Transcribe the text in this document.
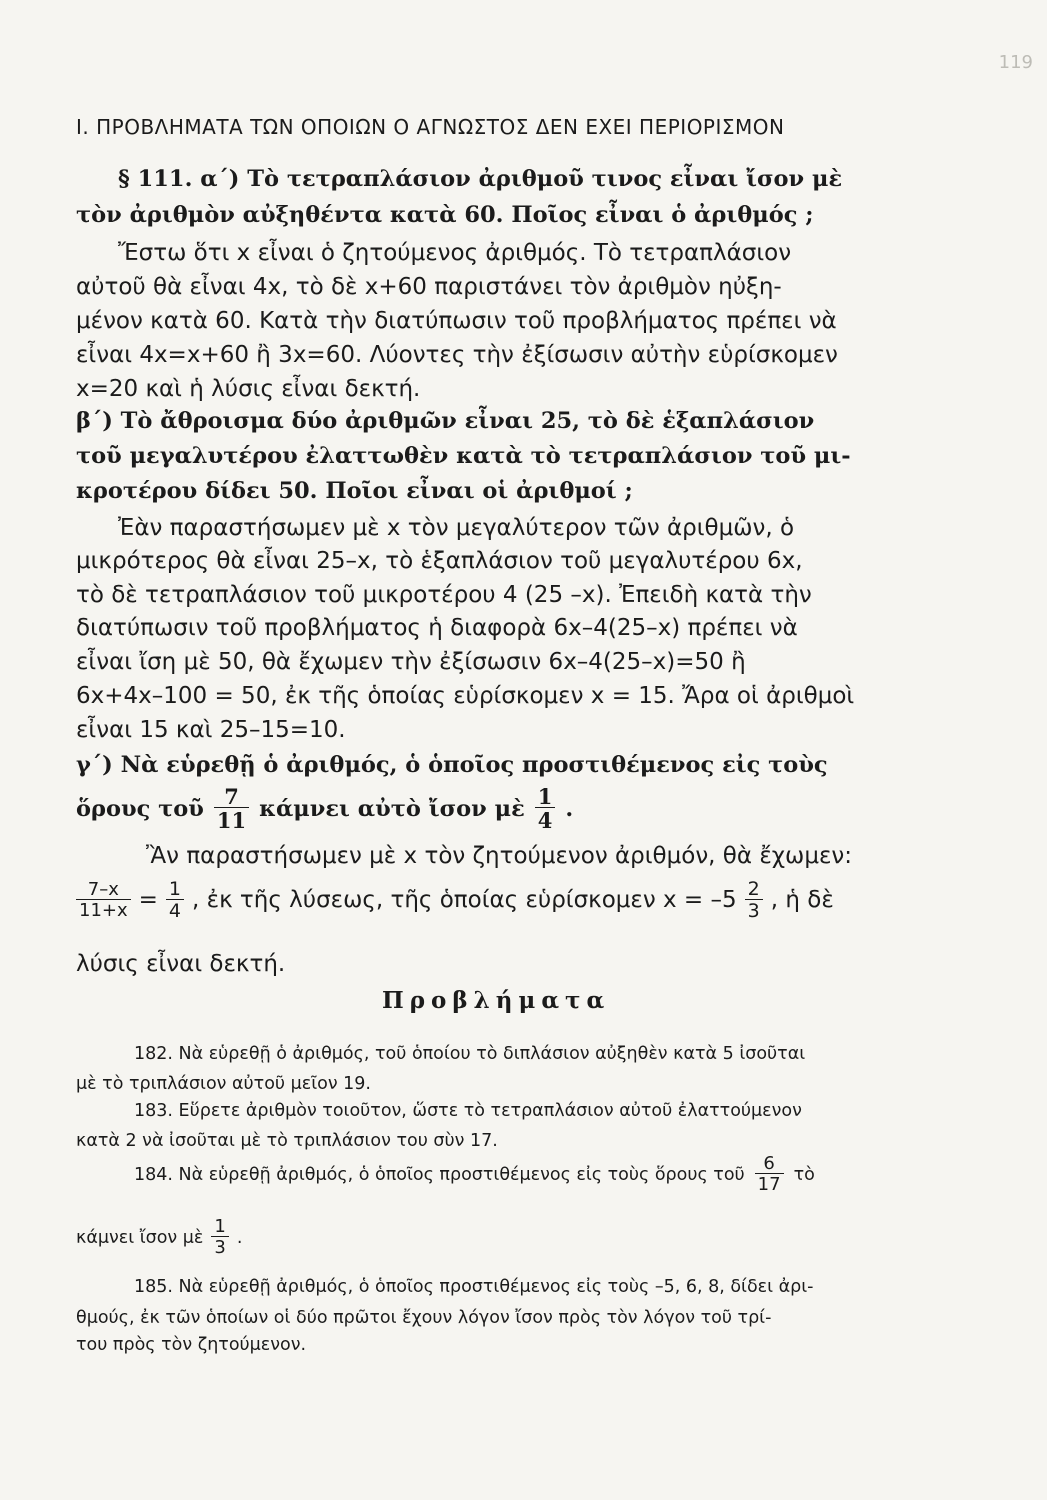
119
Ι. ΠΡΟΒΛΗΜΑΤΑ ΤΩΝ ΟΠΟΙΩΝ Ο ΑΓΝΩΣΤΟΣ ΔΕΝ ΕΧΕΙ ΠΕΡΙΟΡΙΣΜΟΝ
§ 111. α΄) Τὸ τετραπλάσιον ἀριθμοῦ τινος εἶναι ἴσον μὲ
τὸν ἀριθμὸν αὐξηθέντα κατὰ 60. Ποῖος εἶναι ὁ ἀριθμός ;
Ἔστω ὅτι x εἶναι ὁ ζητούμενος ἀριθμός. Τὸ τετραπλάσιον
αὐτοῦ θὰ εἶναι 4x, τὸ δὲ x+60 παριστάνει τὸν ἀριθμὸν ηὐξη-
μένον κατὰ 60. Κατὰ τὴν διατύπωσιν τοῦ προβλήματος πρέπει νὰ
εἶναι 4x=x+60 ἢ 3x=60. Λύοντες τὴν ἐξίσωσιν αὐτὴν εὑρίσκομεν
x=20 καὶ ἡ λύσις εἶναι δεκτή.
β΄) Τὸ ἄθροισμα δύο ἀριθμῶν εἶναι 25, τὸ δὲ ἑξαπλάσιον
τοῦ μεγαλυτέρου ἐλαττωθὲν κατὰ τὸ τετραπλάσιον τοῦ μι-
κροτέρου δίδει 50. Ποῖοι εἶναι οἱ ἀριθμοί ;
Ἐὰν παραστήσωμεν μὲ x τὸν μεγαλύτερον τῶν ἀριθμῶν, ὁ
μικρότερος θὰ εἶναι 25–x, τὸ ἑξαπλάσιον τοῦ μεγαλυτέρου 6x,
τὸ δὲ τετραπλάσιον τοῦ μικροτέρου 4 (25 –x). Ἐπειδὴ κατὰ τὴν
διατύπωσιν τοῦ προβλήματος ἡ διαφορὰ 6x–4(25–x) πρέπει νὰ
εἶναι ἴση μὲ 50, θὰ ἔχωμεν τὴν ἐξίσωσιν 6x–4(25–x)=50 ἢ
6x+4x–100 = 50, ἐκ τῆς ὁποίας εὑρίσκομεν x = 15. Ἄρα οἱ ἀριθμοὶ
εἶναι 15 καὶ 25–15=10.
γ΄) Νὰ εὑρεθῇ ὁ ἀριθμός, ὁ ὁποῖος προστιθέμενος εἰς τοὺς
ὅρους τοῦ $\frac{7}{11}$ κάμνει αὐτὸ ἴσον μὲ $\frac{1}{4}$ .
Ἂν παραστήσωμεν μὲ x τὸν ζητούμενον ἀριθμόν, θὰ ἔχωμεν:
$\frac{7-x}{11+x} = \frac{1}{4}$ , ἐκ τῆς λύσεως, τῆς ὁποίας εὑρίσκομεν $x = -5 \frac{2}{3}$ , ἡ δὲ
λύσις εἶναι δεκτή.
Προβλήματα
182. Νὰ εὑρεθῇ ὁ ἀριθμός, τοῦ ὁποίου τὸ διπλάσιον αὐξηθὲν κατὰ 5 ἰσοῦται
μὲ τὸ τριπλάσιον αὐτοῦ μεῖον 19.
183. Εὕρετε ἀριθμὸν τοιοῦτον, ὥστε τὸ τετραπλάσιον αὐτοῦ ἐλαττούμενον
κατὰ 2 νὰ ἰσοῦται μὲ τὸ τριπλάσιον του σὺν 17.
184. Νὰ εὑρεθῇ ἀριθμός, ὁ ὁποῖος προστιθέμενος εἰς τοὺς ὅρους τοῦ $\frac{6}{17}$ τὸ
κάμνει ἴσον μὲ $\frac{1}{3}$ .
185. Νὰ εὑρεθῇ ἀριθμός, ὁ ὁποῖος προστιθέμενος εἰς τοὺς –5, 6, 8, δίδει ἀρι-
θμούς, ἐκ τῶν ὁποίων οἱ δύο πρῶτοι ἔχουν λόγον ἴσον πρὸς τὸν λόγον τοῦ τρί-
του πρὸς τὸν ζητούμενον.
